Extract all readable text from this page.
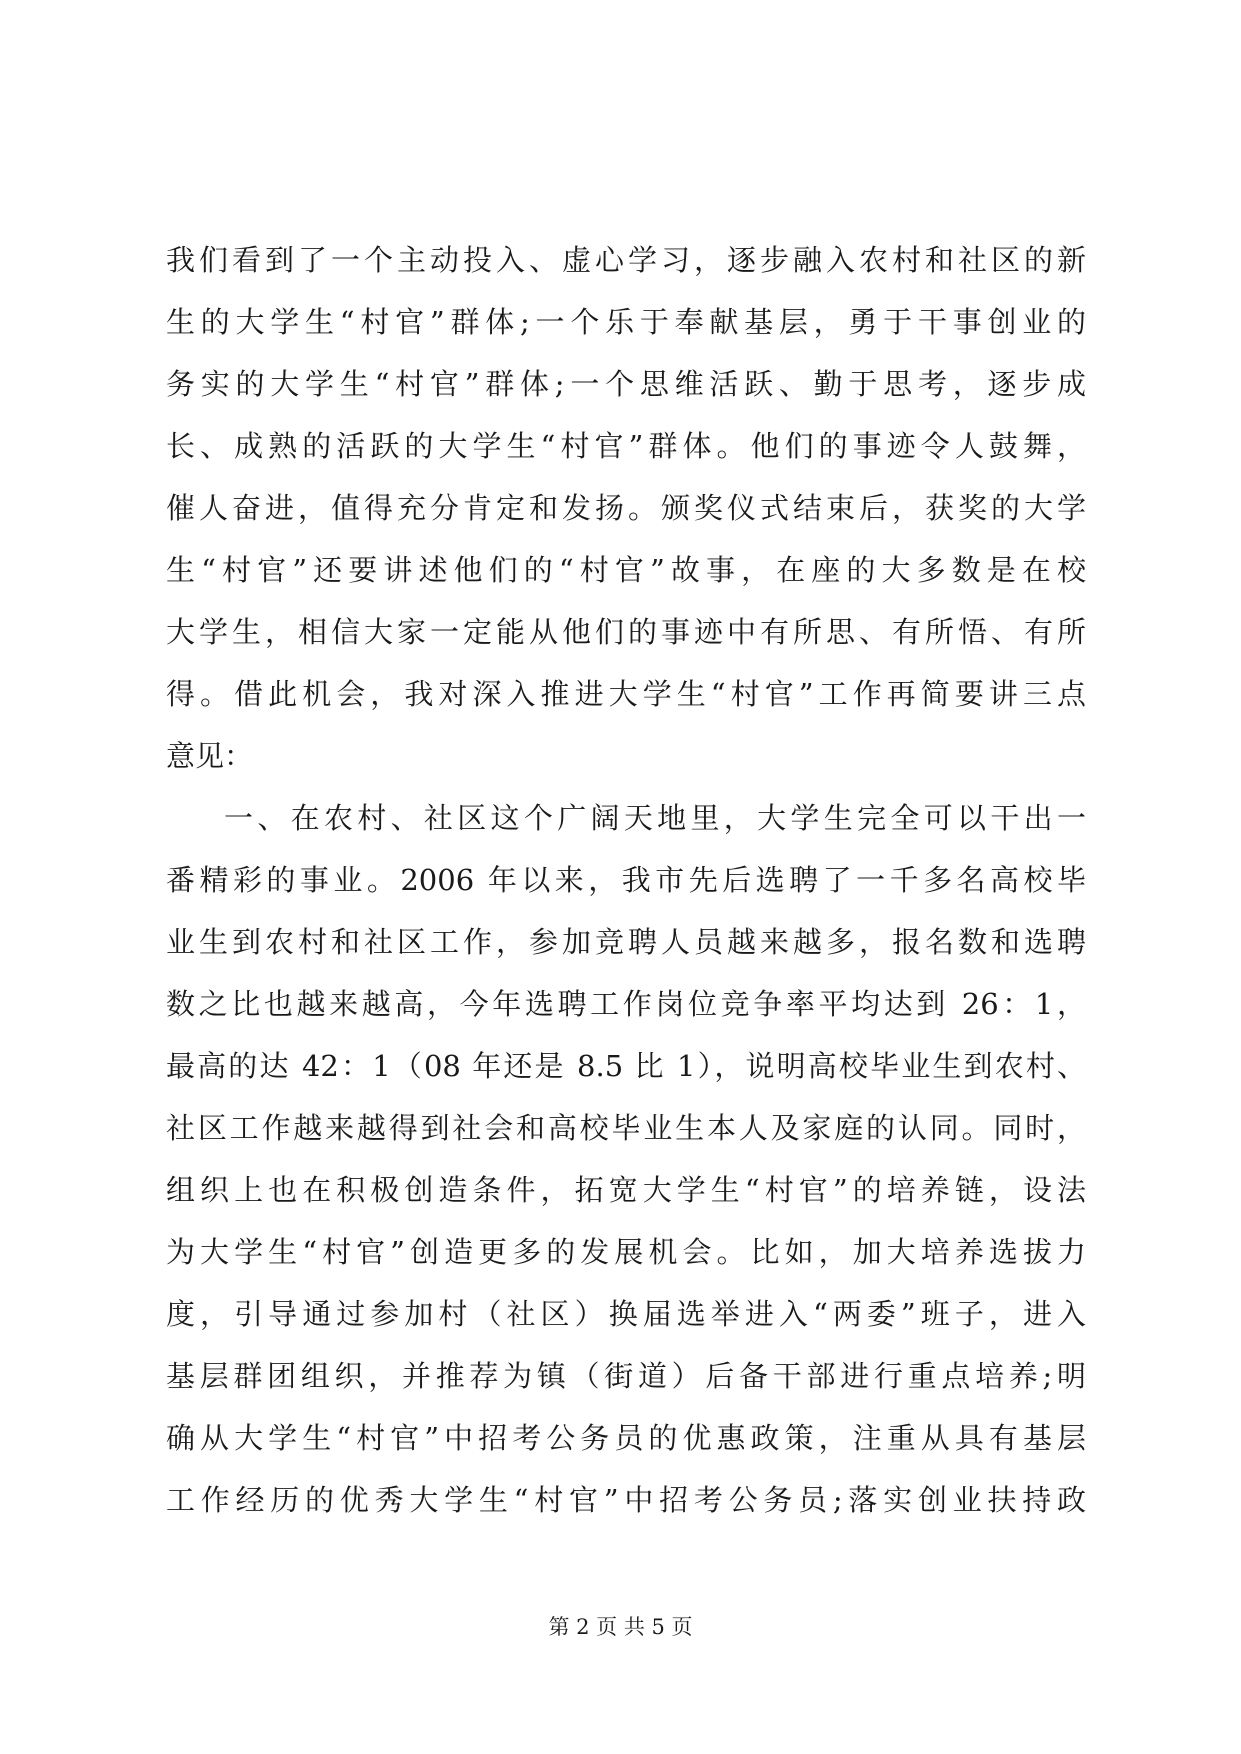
我们看到了一个主动投入、虚心学习，逐步融入农村和社区的新
生的大学生“村官”群体;一个乐于奉献基层，勇于干事创业的
务实的大学生“村官”群体;一个思维活跃、勤于思考，逐步成
长、成熟的活跃的大学生“村官”群体。他们的事迹令人鼓舞，
催人奋进，值得充分肯定和发扬。颁奖仪式结束后，获奖的大学
生“村官”还要讲述他们的“村官”故事，在座的大多数是在校
大学生，相信大家一定能从他们的事迹中有所思、有所悟、有所
得。借此机会，我对深入推进大学生“村官”工作再简要讲三点
意见：
一、在农村、社区这个广阔天地里，大学生完全可以干出一
番精彩的事业。2006 年以来，我市先后选聘了一千多名高校毕
业生到农村和社区工作，参加竞聘人员越来越多，报名数和选聘
数之比也越来越高，今年选聘工作岗位竞争率平均达到 26：1，
最高的达 42：1（08 年还是 8.5 比 1），说明高校毕业生到农村、
社区工作越来越得到社会和高校毕业生本人及家庭的认同。同时，
组织上也在积极创造条件，拓宽大学生“村官”的培养链，设法
为大学生“村官”创造更多的发展机会。比如，加大培养选拔力
度，引导通过参加村（社区）换届选举进入“两委”班子，进入
基层群团组织，并推荐为镇（街道）后备干部进行重点培养;明
确从大学生“村官”中招考公务员的优惠政策，注重从具有基层
工作经历的优秀大学生“村官”中招考公务员;落实创业扶持政
第 2 页 共 5 页
